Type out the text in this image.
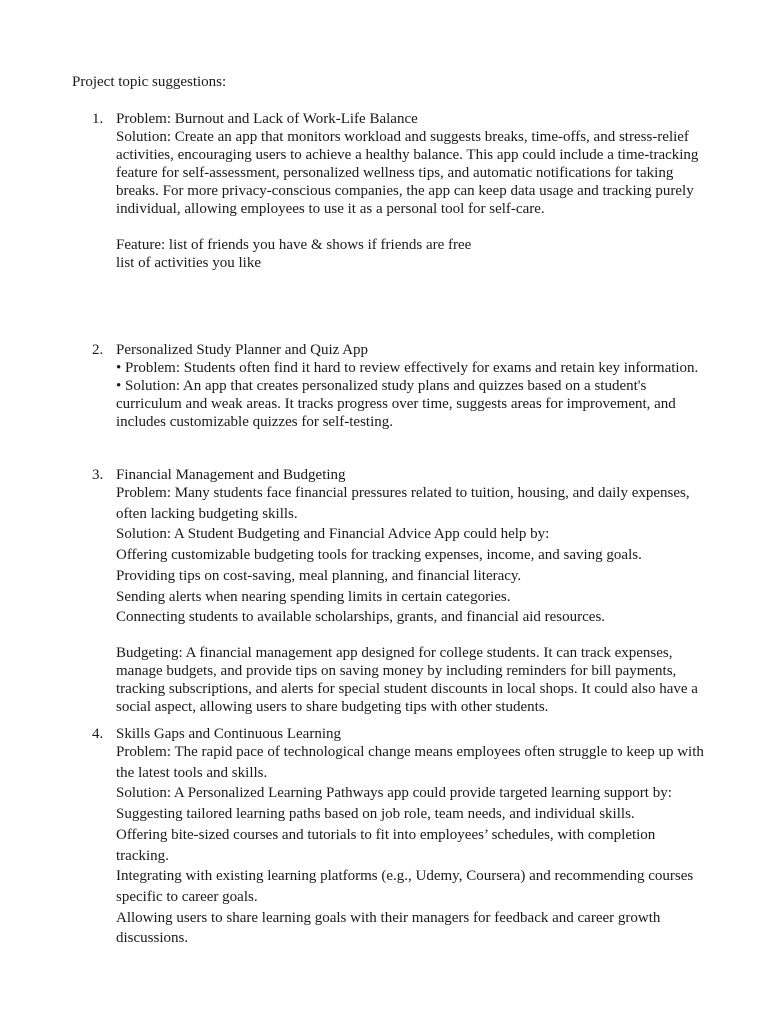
Project topic suggestions:

1. Problem: Burnout and Lack of Work-Life Balance

Solution: Create an app that monitors workload and suggests breaks, time-offs, and stress-relief activities, encouraging users to achieve a healthy balance. This app could include a time-tracking feature for self-assessment, personalized wellness tips, and automatic notifications for taking breaks. For more privacy-conscious companies, the app can keep data usage and tracking purely individual, allowing employees to use it as a personal tool for self-care.

Feature: list of friends you have & shows if friends are free

list of activities you like

2. Personalized Study Planner and Quiz App

• Problem: Students often find it hard to review effectively for exams and retain key information.

• Solution: An app that creates personalized study plans and quizzes based on a student's curriculum and weak areas. It tracks progress over time, suggests areas for improvement, and includes customizable quizzes for self-testing.

3. Financial Management and Budgeting

Problem: Many students face financial pressures related to tuition, housing, and daily expenses, often lacking budgeting skills.

Solution: A Student Budgeting and Financial Advice App could help by:

Offering customizable budgeting tools for tracking expenses, income, and saving goals.

Providing tips on cost-saving, meal planning, and financial literacy.

Sending alerts when nearing spending limits in certain categories.

Connecting students to available scholarships, grants, and financial aid resources.

Budgeting: A financial management app designed for college students. It can track expenses, manage budgets, and provide tips on saving money by including reminders for bill payments, tracking subscriptions, and alerts for special student discounts in local shops. It could also have a social aspect, allowing users to share budgeting tips with other students.

4. Skills Gaps and Continuous Learning

Problem: The rapid pace of technological change means employees often struggle to keep up with the latest tools and skills.

Solution: A Personalized Learning Pathways app could provide targeted learning support by:

Suggesting tailored learning paths based on job role, team needs, and individual skills.

Offering bite-sized courses and tutorials to fit into employees’ schedules, with completion tracking.

Integrating with existing learning platforms (e.g., Udemy, Coursera) and recommending courses specific to career goals.

Allowing users to share learning goals with their managers for feedback and career growth discussions.
